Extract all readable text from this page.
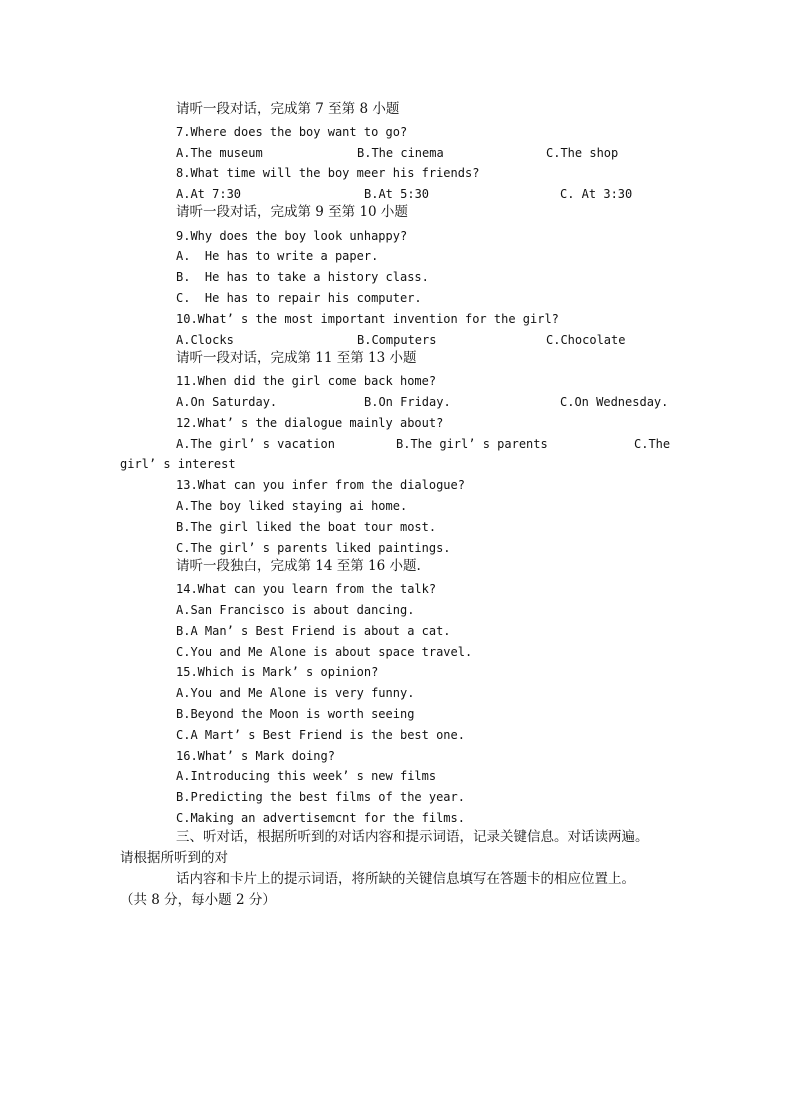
请听一段对话，完成第 7 至第 8 小题
7.Where does the boy want to go?
A.The museum	B.The cinema	C.The shop
8.What time will the boy meer his friends?
A.At 7:30	B.At 5:30	C. At 3:30
请听一段对话，完成第 9 至第 10 小题
9.Why does the boy look unhappy?
A.  He has to write a paper.
B.  He has to take a history class.
C.  He has to repair his computer.
10.What’ s the most important invention for the girl?
A.Clocks	B.Computers	C.Chocolate
请听一段对话，完成第 11 至第 13 小题
11.When did the girl come back home?
A.On Saturday.	B.On Friday.	C.On Wednesday.
12.What’ s the dialogue mainly about?
A.The girl’ s vacation	B.The girl’ s parents	C.The
girl’ s interest
13.What can you infer from the dialogue?
A.The boy liked staying ai home.
B.The girl liked the boat tour most.
C.The girl’ s parents liked paintings.
请听一段独白，完成第 14 至第 16 小题.
14.What can you learn from the talk?
A.San Francisco is about dancing.
B.A Man’ s Best Friend is about a cat.
C.You and Me Alone is about space travel.
15.Which is Mark’ s opinion?
A.You and Me Alone is very funny.
B.Beyond the Moon is worth seeing
C.A Mart’ s Best Friend is the best one.
16.What’ s Mark doing?
A.Introducing this week’ s new films
B.Predicting the best films of the year.
C.Making an advertisemcnt for the films.
三、听对话，根据所听到的对话内容和提示词语，记录关键信息。对话读两遍。
请根据所听到的对
话内容和卡片上的提示词语，将所缺的关键信息填写在答题卡的相应位置上。
（共 8 分，每小题 2 分）
